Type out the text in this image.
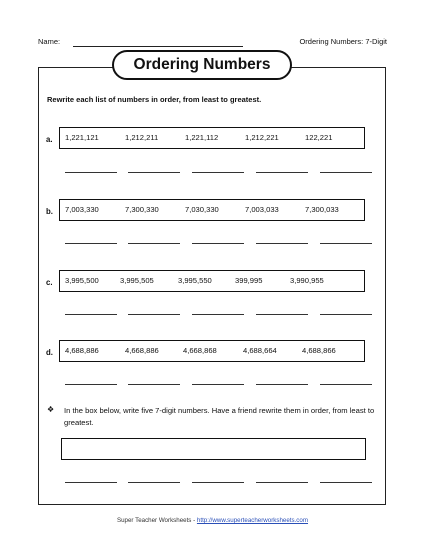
Name:	Ordering Numbers: 7-Digit
Ordering Numbers
Rewrite each list of numbers in order, from least to greatest.
a. 1,221,121	1,212,211	1,221,112	1,212,221	122,221
b. 7,003,330	7,300,330	7,030,330	7,003,033	7,300,033
c. 3,995,500	3,995,505	3,995,550	399,995	3,990,955
d. 4,688,886	4,668,886	4,668,868	4,688,664	4,688,866
❖ In the box below, write five 7-digit numbers. Have a friend rewrite them in order, from least to greatest.
Super Teacher Worksheets - http://www.superteacherworksheets.com
